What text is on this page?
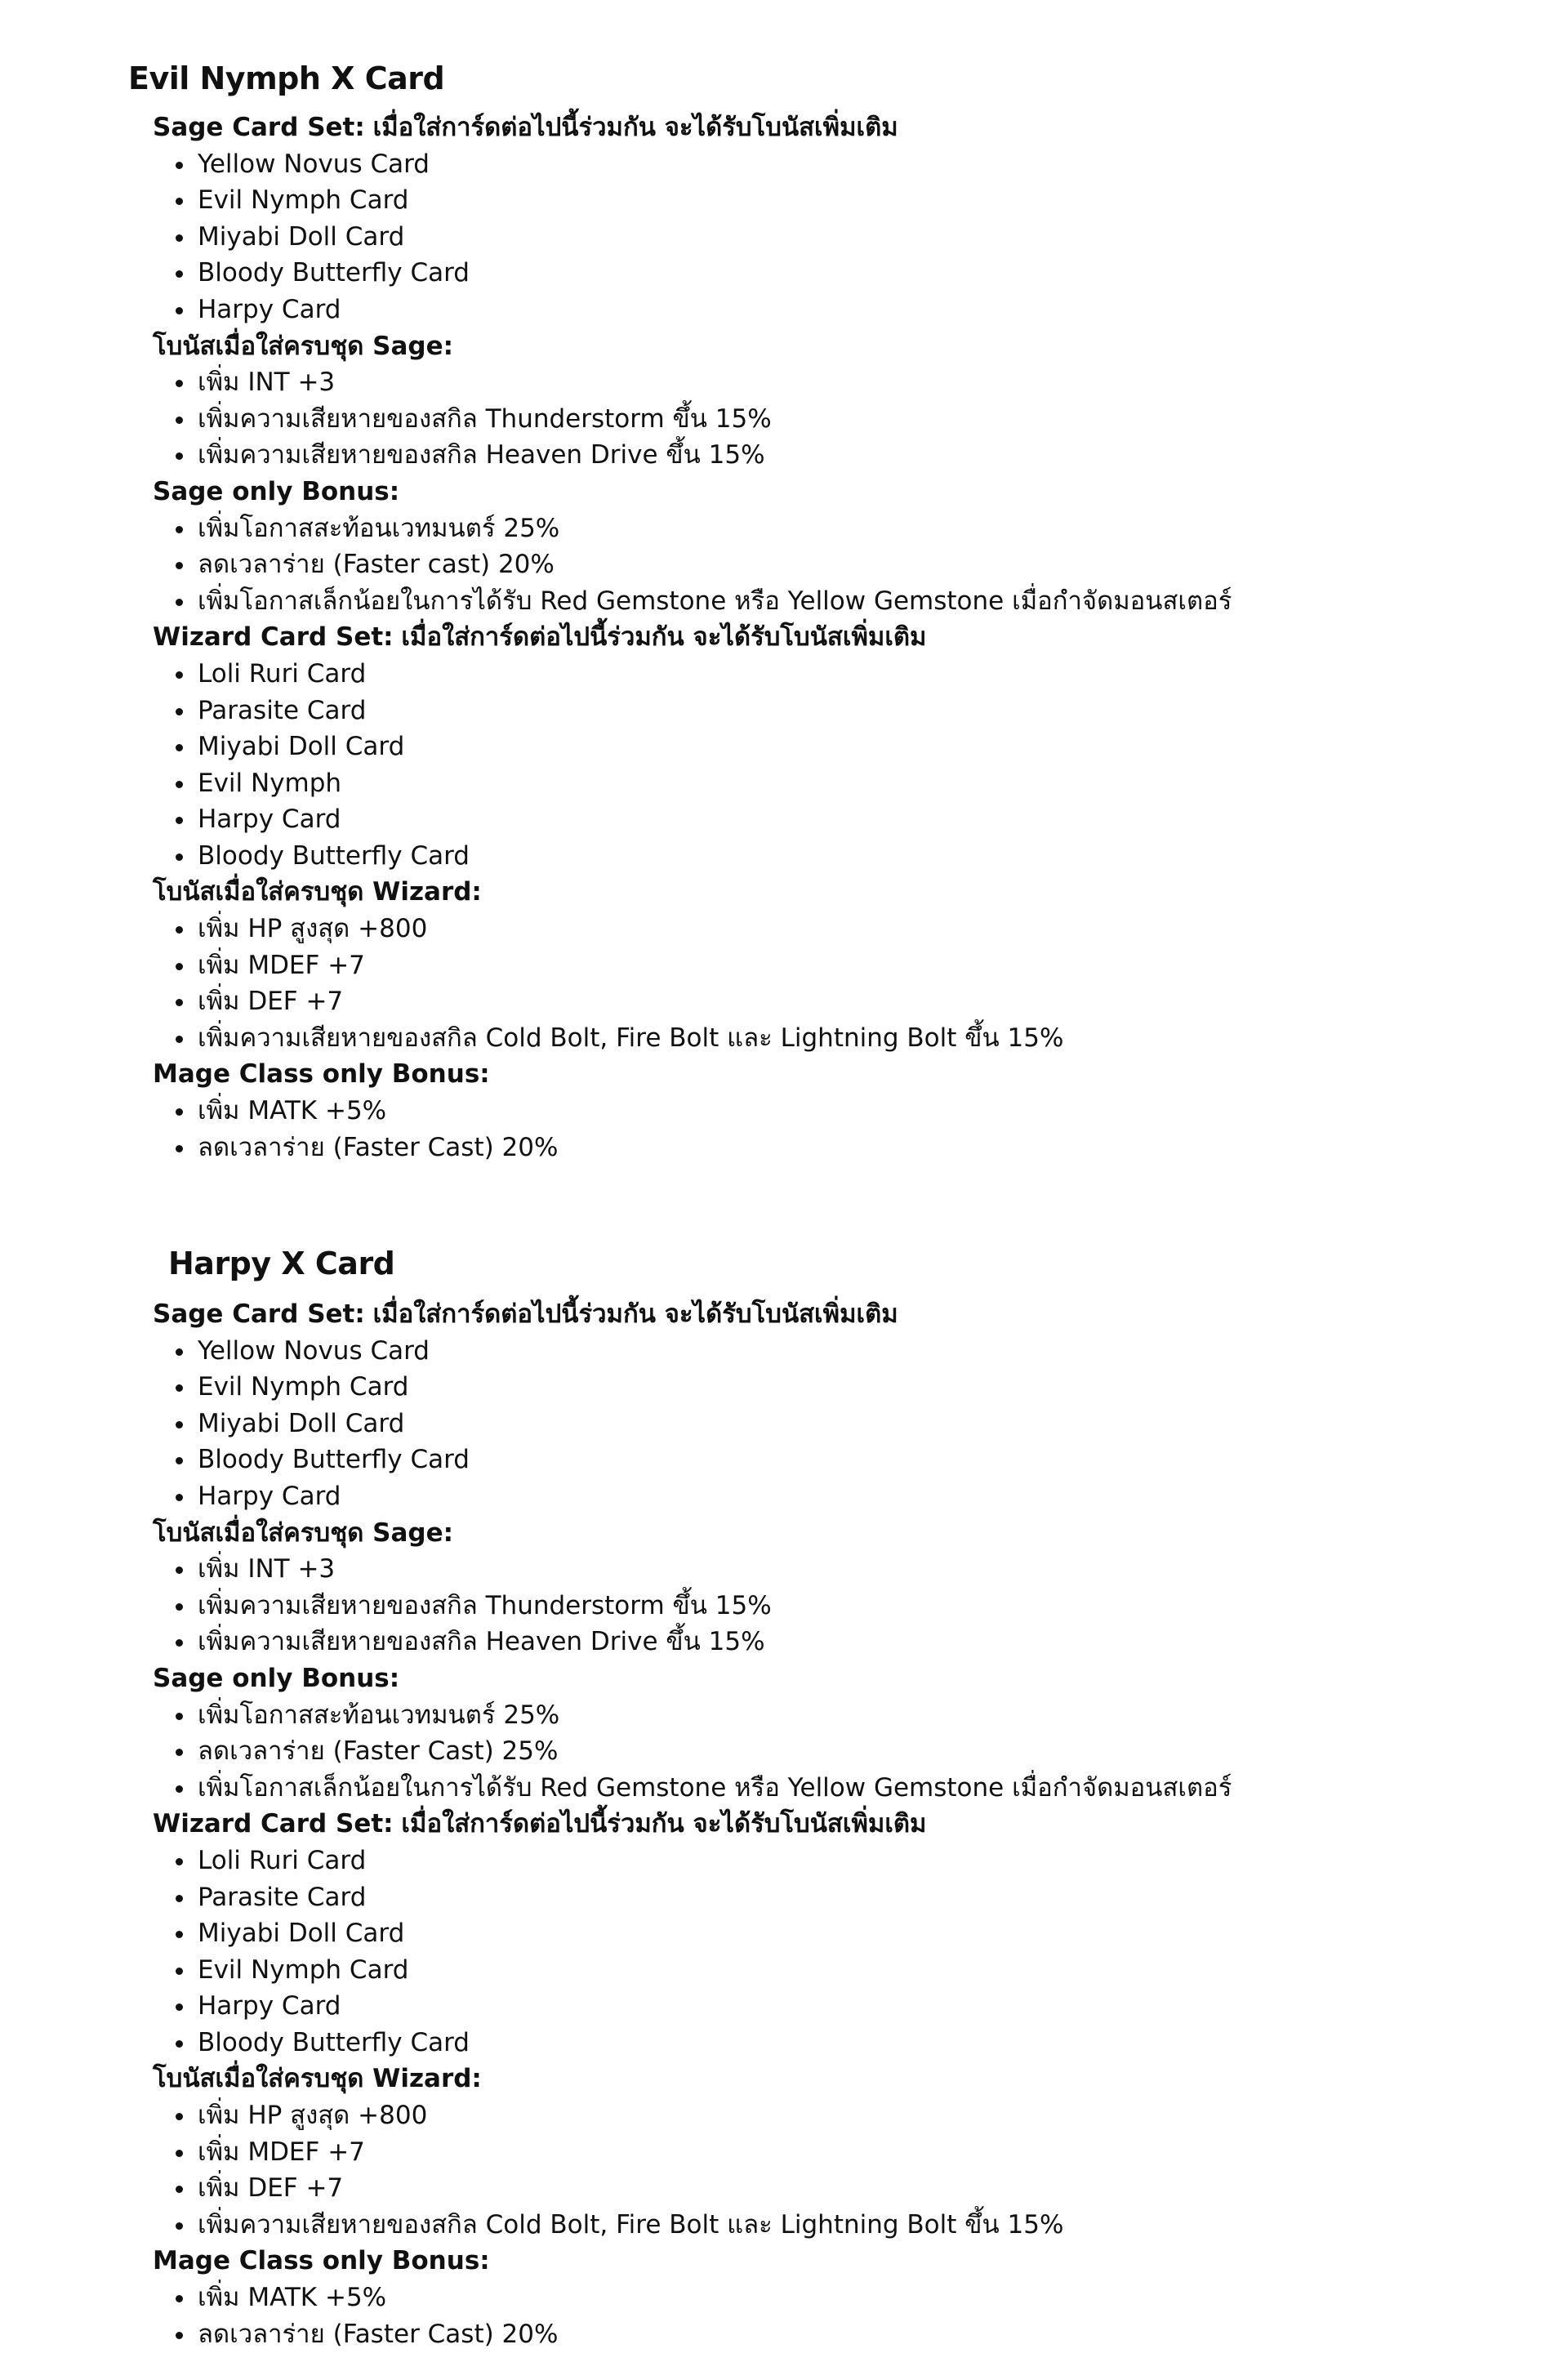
Evil Nymph X Card
Sage Card Set: เมื่อใส่การ์ดต่อไปนี้ร่วมกัน จะได้รับโบนัสเพิ่มเติม
Yellow Novus Card
Evil Nymph Card
Miyabi Doll Card
Bloody Butterfly Card
Harpy Card
โบนัสเมื่อใส่ครบชุด Sage:
เพิ่ม INT +3
เพิ่มความเสียหายของสกิล Thunderstorm ขึ้น 15%
เพิ่มความเสียหายของสกิล Heaven Drive ขึ้น 15%
Sage only Bonus:
เพิ่มโอกาสสะท้อนเวทมนตร์ 25%
ลดเวลาร่าย (Faster cast) 20%
เพิ่มโอกาสเล็กน้อยในการได้รับ Red Gemstone หรือ Yellow Gemstone เมื่อกำจัดมอนสเตอร์
Wizard Card Set: เมื่อใส่การ์ดต่อไปนี้ร่วมกัน จะได้รับโบนัสเพิ่มเติม
Loli Ruri Card
Parasite Card
Miyabi Doll Card
Evil Nymph
Harpy Card
Bloody Butterfly Card
โบนัสเมื่อใส่ครบชุด Wizard:
เพิ่ม HP สูงสุด +800
เพิ่ม MDEF +7
เพิ่ม DEF +7
เพิ่มความเสียหายของสกิล Cold Bolt, Fire Bolt และ Lightning Bolt ขึ้น 15%
Mage Class only Bonus:
เพิ่ม MATK +5%
ลดเวลาร่าย (Faster Cast) 20%
Harpy X Card
Sage Card Set: เมื่อใส่การ์ดต่อไปนี้ร่วมกัน จะได้รับโบนัสเพิ่มเติม
Yellow Novus Card
Evil Nymph Card
Miyabi Doll Card
Bloody Butterfly Card
Harpy Card
โบนัสเมื่อใส่ครบชุด Sage:
เพิ่ม INT +3
เพิ่มความเสียหายของสกิล Thunderstorm ขึ้น 15%
เพิ่มความเสียหายของสกิล Heaven Drive ขึ้น 15%
Sage only Bonus:
เพิ่มโอกาสสะท้อนเวทมนตร์ 25%
ลดเวลาร่าย (Faster Cast) 25%
เพิ่มโอกาสเล็กน้อยในการได้รับ Red Gemstone หรือ Yellow Gemstone เมื่อกำจัดมอนสเตอร์
Wizard Card Set: เมื่อใส่การ์ดต่อไปนี้ร่วมกัน จะได้รับโบนัสเพิ่มเติม
Loli Ruri Card
Parasite Card
Miyabi Doll Card
Evil Nymph Card
Harpy Card
Bloody Butterfly Card
โบนัสเมื่อใส่ครบชุด Wizard:
เพิ่ม HP สูงสุด +800
เพิ่ม MDEF +7
เพิ่ม DEF +7
เพิ่มความเสียหายของสกิล Cold Bolt, Fire Bolt และ Lightning Bolt ขึ้น 15%
Mage Class only Bonus:
เพิ่ม MATK +5%
ลดเวลาร่าย (Faster Cast) 20%
